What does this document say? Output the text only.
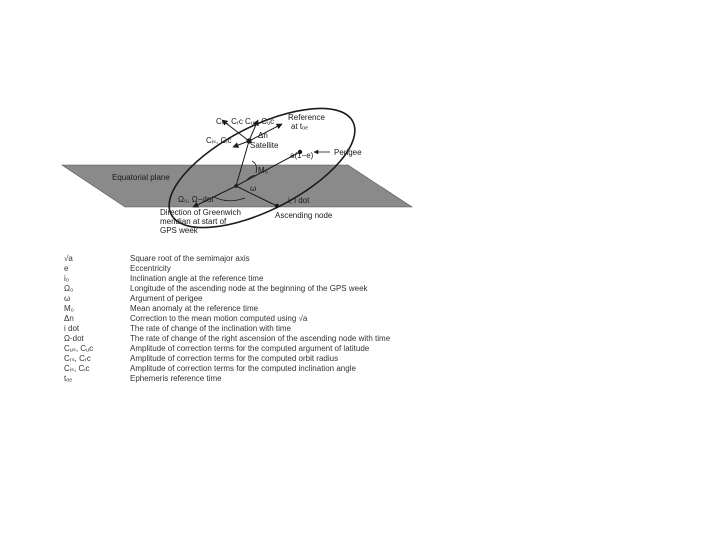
Cᵣₛ, Cᵣc Cᵤₛ, Cᵤc Reference
at tₒₑ
Δn
Satellite
Cᵢₛ, Cᵢc
a(1−e)	Perigee
Equatorial plane
M₀
ω
Ω₀, Ω−dot	i, i dot
Direction of Greenwich
meridian at start of
GPS week
Ascending node
√a	Square root of the semimajor axis
e	Eccentricity
i₀	Inclination angle at the reference time
Ω₀	Longitude of the ascending node at the beginning of the GPS week
ω	Argument of perigee
M₀	Mean anomaly at the reference time
Δn	Correction to the mean motion computed using √a
i dot	The rate of change of the inclination with time
Ω-dot	The rate of change of the right ascension of the ascending node with time
Cᵤₛ, Cᵤc	Amplitude of correction terms for the computed argument of latitude
Cᵣₛ, Cᵣc	Amplitude of correction terms for the computed orbit radius
Cᵢₛ, Cᵢc	Amplitude of correction terms for the computed inclination angle
tₒₑ	Ephemeris reference time
